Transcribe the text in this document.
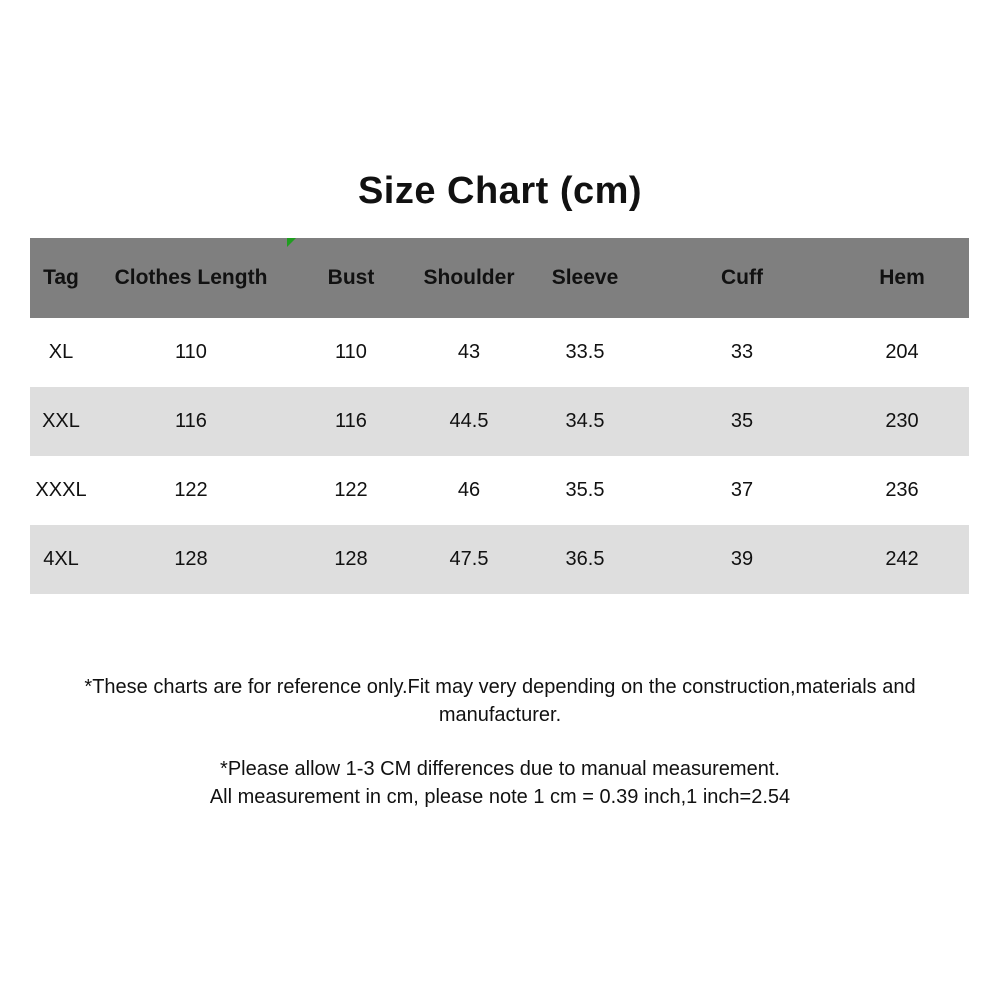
Size Chart (cm)
Tag	Clothes Length	Bust	Shoulder	Sleeve	Cuff	Hem
XL	110	110	43	33.5	33	204
XXL	116	116	44.5	34.5	35	230
XXXL	122	122	46	35.5	37	236
4XL	128	128	47.5	36.5	39	242
*These charts are for reference only.Fit may very depending on the construction,materials and
manufacturer.
*Please allow 1-3 CM differences due to manual measurement.
All measurement in cm, please note 1 cm = 0.39 inch,1 inch=2.54
